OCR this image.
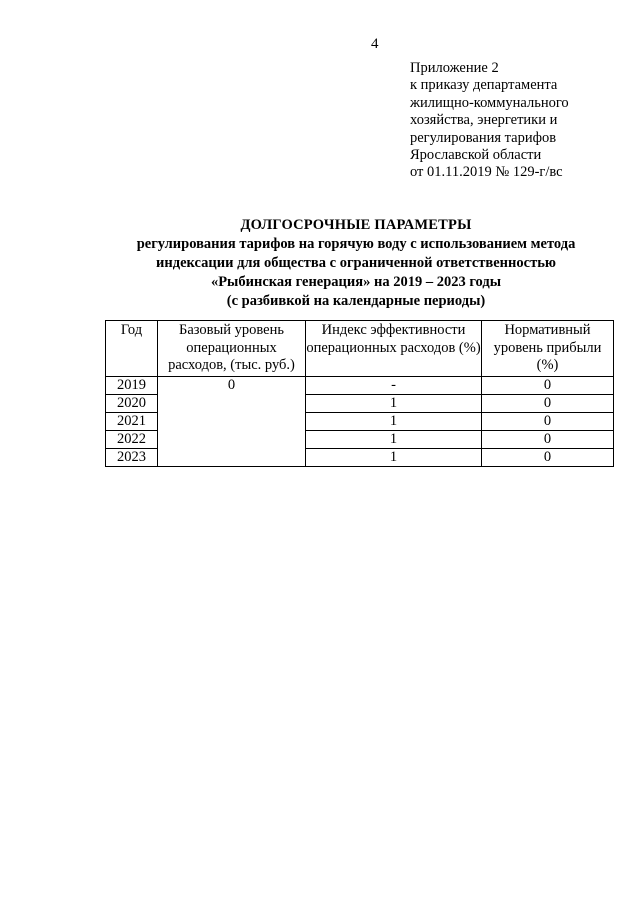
4
Приложение 2
к приказу департамента
жилищно-коммунального
хозяйства, энергетики и
регулирования тарифов
Ярославской области
от 01.11.2019 № 129-г/вс
ДОЛГОСРОЧНЫЕ ПАРАМЕТРЫ
регулирования тарифов на горячую воду с использованием метода
индексации для общества с ограниченной ответственностью
«Рыбинская генерация» на 2019 – 2023 годы
(с разбивкой на календарные периоды)
Год	Базовый уровень операционных расходов, (тыс. руб.)	Индекс эффективности операционных расходов (%)	Нормативный уровень прибыли (%)
2019	0	-	0
2020		1	0
2021		1	0
2022		1	0
2023		1	0
